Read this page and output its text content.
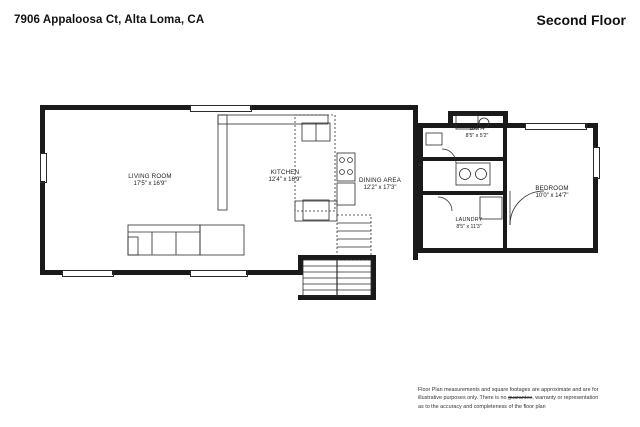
7906 Appaloosa Ct, Alta Loma, CA	Second Floor
LIVING ROOM
17'5" x 16'9"
KITCHEN
12'4" x 16'9"	DINING AREA
12'2" x 17'3"
BATH
8'5" x 5'2"
BEDROOM
10'0" x 14'7"
LAUNDRY
8'5" x 11'3"
Floor Plan measurements and square footages are approximate and are for
illustrative purposes only. There is no guarantee, warranty or representation
as to the accuracy and completeness of the floor plan
